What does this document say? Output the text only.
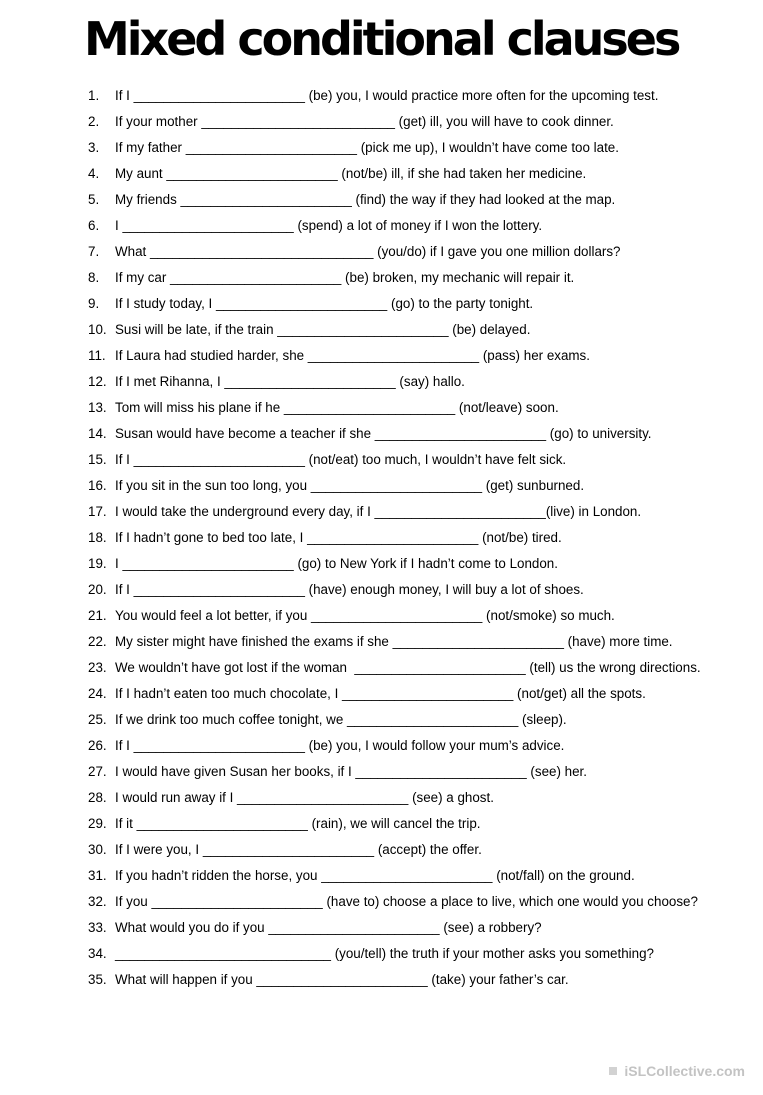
Mixed conditional clauses
1.	If I _______________________ (be) you, I would practice more often for the upcoming test.
2.	If your mother __________________________ (get) ill, you will have to cook dinner.
3.	If my father _______________________ (pick me up), I wouldn’t have come too late.
4.	My aunt _______________________ (not/be) ill, if she had taken her medicine.
5.	My friends _______________________ (find) the way if they had looked at the map.
6.	I _______________________ (spend) a lot of money if I won the lottery.
7.	What ______________________________ (you/do) if I gave you one million dollars?
8.	If my car _______________________ (be) broken, my mechanic will repair it.
9.	If I study today, I _______________________ (go) to the party tonight.
10. Susi will be late, if the train _______________________ (be) delayed.
11. If Laura had studied harder, she _______________________ (pass) her exams.
12. If I met Rihanna, I _______________________ (say) hallo.
13. Tom will miss his plane if he _______________________ (not/leave) soon.
14. Susan would have become a teacher if she _______________________ (go) to university.
15. If I _______________________ (not/eat) too much, I wouldn’t have felt sick.
16. If you sit in the sun too long, you _______________________ (get) sunburned.
17. I would take the underground every day, if I _______________________(live) in London.
18. If I hadn’t gone to bed too late, I _______________________ (not/be) tired.
19. I _______________________ (go) to New York if I hadn’t come to London.
20. If I _______________________ (have) enough money, I will buy a lot of shoes.
21. You would feel a lot better, if you _______________________ (not/smoke) so much.
22. My sister might have finished the exams if she _______________________ (have) more time.
23. We wouldn’t have got lost if the woman  _______________________ (tell) us the wrong directions.
24. If I hadn’t eaten too much chocolate, I _______________________ (not/get) all the spots.
25. If we drink too much coffee tonight, we _______________________ (sleep).
26. If I _______________________ (be) you, I would follow your mum’s advice.
27. I would have given Susan her books, if I _______________________ (see) her.
28. I would run away if I _______________________ (see) a ghost.
29. If it _______________________ (rain), we will cancel the trip.
30. If I were you, I _______________________ (accept) the offer.
31. If you hadn’t ridden the horse, you _______________________ (not/fall) on the ground.
32. If you _______________________ (have to) choose a place to live, which one would you choose?
33. What would you do if you _______________________ (see) a robbery?
34. _____________________________ (you/tell) the truth if your mother asks you something?
35. What will happen if you _______________________ (take) your father’s car.
iSLCollective.com
